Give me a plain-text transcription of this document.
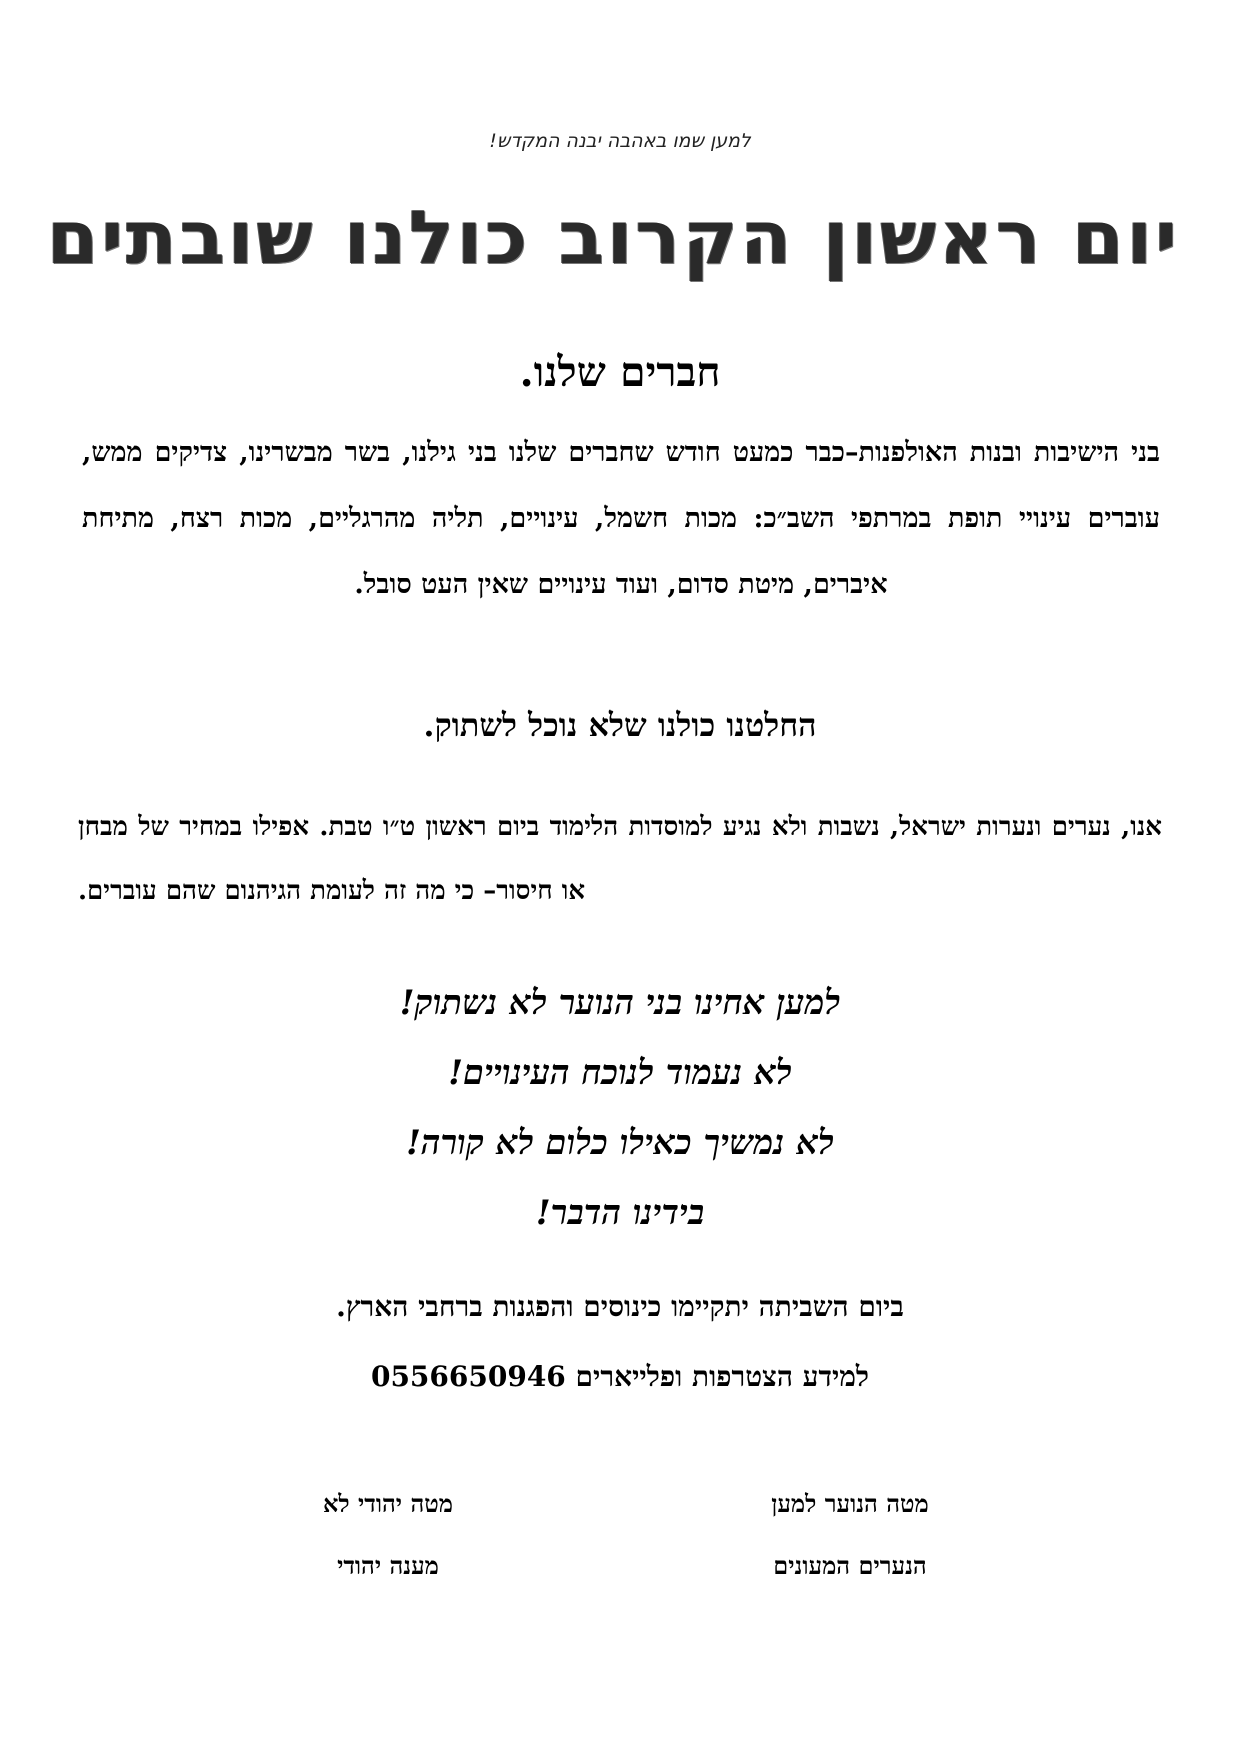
למען שמו באהבה יבנה המקדש!
יום ראשון הקרוב כולנו שובתים
חברים שלנו.

בני הישיבות ובנות האולפנות–כבר כמעט חודש שחברים שלנו בני גילנו, בשר מבשרינו, צדיקים ממש, עוברים עינויי תופת במרתפי השב״כ: מכות חשמל, עינויים, תליה מהרגליים, מכות רצח, מתיחת איברים, מיטת סדום, ועוד עינויים שאין העט סובל.

החלטנו כולנו שלא נוכל לשתוק.

אנו, נערים ונערות ישראל, נשבות ולא נגיע למוסדות הלימוד ביום ראשון ט״ו טבת. אפילו במחיר של מבחן או חיסור– כי מה זה לעומת הגיהנום שהם עוברים.

למען אחינו בני הנוער לא נשתוק!
לא נעמוד לנוכח העינויים!
לא נמשיך כאילו כלום לא קורה!
בידינו הדבר!
ביום השביתה יתקיימו כינוסים והפגנות ברחבי הארץ.
למידע הצטרפות ופלייארים 0556650946
מטה הנוער למען
הנערים המעונים
מטה יהודי לא
מענה יהודי
